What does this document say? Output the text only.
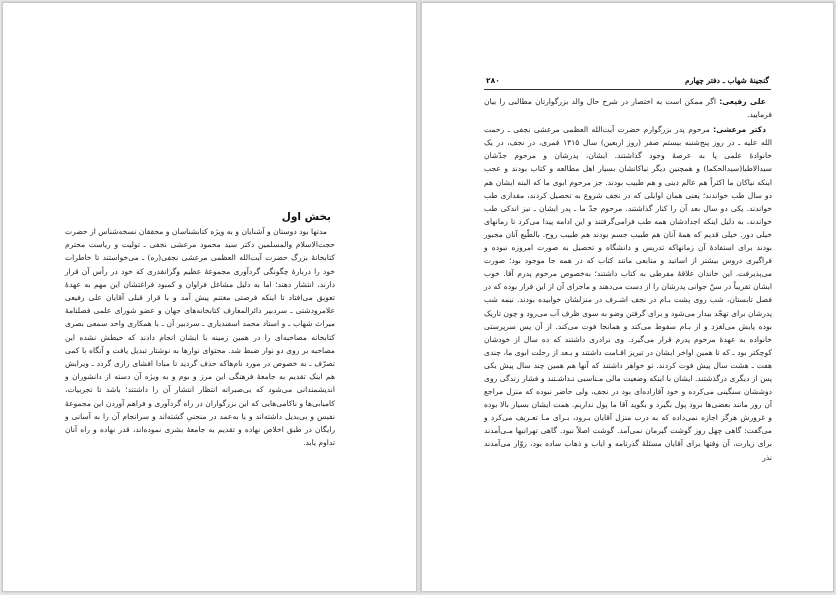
بخش اول
مدتها بود دوستان و آشنایان و به ویژه کتابشناسان و محققان نسخه‌شناس از حضرت حجت‌الاسلام والمسلمین دکتر سید محمود مرعشی نجفی ـ تولیت و ریاست محترم کتابخانهٔ بزرگ حضرت آیت‌الله العظمی مرعشی نجفی(ره) ـ می‌خواستند تا خاطرات خود را دربارهٔ چگونگی گردآوری مجموعهٔ عظیم وگرانقدری که خود در رأس آن قرار دارند، انتشار دهند؛ اما به دلیل مشاغل فراوان و کمبود فراغتشان این مهم به عهدهٔ تعویق می‌افتاد تا اینکه فرصتی مغتنم پیش آمد و با قرار قبلی آقایان علی رفیعی علامرودشتی ـ سردبیر دائرالمعارف کتابخانه‌های جهان و عضو شورای علمی فصلنامهٔ میراث شهاب ـ و استاد محمد اسفندیاری ـ سردبیر آن ـ با همکاری واحد سمعی بصری کتابخانه مصاحبه‌ای را در همین زمینه با ایشان انجام دادند که حیطش نشده این مصاحبه بر روی دو نوار ضبط شد. محتوای نوارها به نوشتار تبدیل یافت و آنگاه با کمی تصرّف ـ به خصوص در مورد نام‌هاکه حذف گردید تا مبادا افشای رازی گردد ـ ویرایش هم اینک تقدیم به جامعهٔ فرهنگی این مرز و بوم و به ویژه آن دسته از دانشوران و اندیشمندانی می‌شود که بی‌صبرانه انتظار انتشار آن را داشتند؛ باشد تا تجربیات، کامیابی‌ها و ناکامی‌هایی که این بزرگواران در راه گردآوری و فراهم آوردن این مجموعهٔ نفیس و بی‌بدیل داشته‌اند و یا به‌عمد در منحنیِ گشته‌اند و سرانجام آن را به آسانی و رایگان در طبق اخلاص نهاده و تقدیم به جامعهٔ بشری نموده‌اند، قدر نهاده و راه آنان تداوم یابد.
۲۸۰	گنجینهٔ شهاب ـ دفتر چهارم

علی رفیعی: اگر ممکن است به اختصار در شرح حال والد بزرگوارتان مطالبی را بیان فرمایید.

دکتر مرعشی: مرحوم پدر بزرگوارم حضرت آیت‌الله العظمی مرعشی نجفی ـ رحمت الله علیه ـ در روز پنج‌شنبه بیستم صفر (روز اربعین) سال ۱۳۱۵ قمری، در نجف، در یک خانوادهٔ علمی پا به عرصهٔ وجود گذاشتند. ایشان، پدرشان و مرحوم جدّشان سیدالاطبا(سیدالحکما) و همچنین دیگر نیاکانشان بسیار اهل مطالعه و کتاب بودند و عجب اینکه نیاکان ما اکثراً هم عالم دینی و هم طبیب بودند. جز مرحوم ابوی ما که البته ایشان هم دو سال طب خواندند؛ یعنی همان اوایلی که در نجف شروع به تحصیل کردند، مقداری طب خواندند. یکی دو سال بعد آن را کنار گذاشتند. مرحوم جدّ ما ـ پدر ایشان ـ نیز اندکی طب خواندند، به دلیل اینکه اجدادشان همه طب فرامی‌گرفتند و این ادامه پیدا می‌کرد تا زمانهای خیلی دور. خیلی قدیم که همهٔ آنان هم طبیب جسم بودند هم طبیب روح. بالطّبع آنان مجبور بودند برای استفادهٔ آن زمانهاکه تدریس و دانشگاه و تحصیل به صورت امروزه نبوده و فراگیری دروس بیشتر از اساتید و منابعی مانند کتاب که در همه جا موجود بود؛ صورت می‌پذیرفت. این خاندان علاقهٔ مفرطی به کتاب داشتند؛ به‌خصوص مرحوم پدرم آقا. خوب ایشان تقریباً در سنّ جوانی پدرشان را از دست می‌دهند و ماجرای آن از این قرار بوده که در فصل تابستان، شب روی پشت بـام در نجف اشـرف در منزلشان خوابیده بودند. نیمه شب پدرشان برای تهجّد بیدار می‌شود و برای گرفتن وضو به سوی ظرف آب می‌رود و چون تاریک بوده پایش می‌لغزد و از بـام سقوط می‌کند و همانجا فوت می‌کند. از آن پس سرپرستی خانواده به عهدهٔ مرحوم پدرم قرار می‌گیرد. وی برادری داشتند که ده سال از خودشان کوچکتر بود ـ که تا همین اواخر ایشان در تبریز اقـامت داشتند و بـعد از رحلت ابوی ما، چندی هفت ـ هشت سال پیش فوت کردند. تو خواهر داشتند که آنها هم همین چند سال پیش یکی پس از دیگری درگذشتند. ایشان با اینکه وضعیت مالی مـناسبی نـداشـتند و فشار زندگی روی دوششان سنگینی می‌کرده و خود آقازاده‌ای بود در نجف، ولی حاضر نبوده که منزل مراجع آن روز مانند بعضی‌ها برود پول بگیرد و بگوید آقا ما پول نداریم. همت ایشان بسیار بالا بوده و غرورش هرگز اجازه نمی‌داده که به درب منزل آقایان بـرود، بـرای مـا تعـریف می‌کرد و می‌گفت: گاهی چهل روز گوشت گیرمان نمی‌آمد. گوشت اصلاً نبود. گاهی تهرانیها مـی‌آمدند برای زیارت، آن وقتها برای آقایان مسئلهٔ گذرنامه و ایاب و ذهاب ساده بود، زوّار می‌آمدند نذر
